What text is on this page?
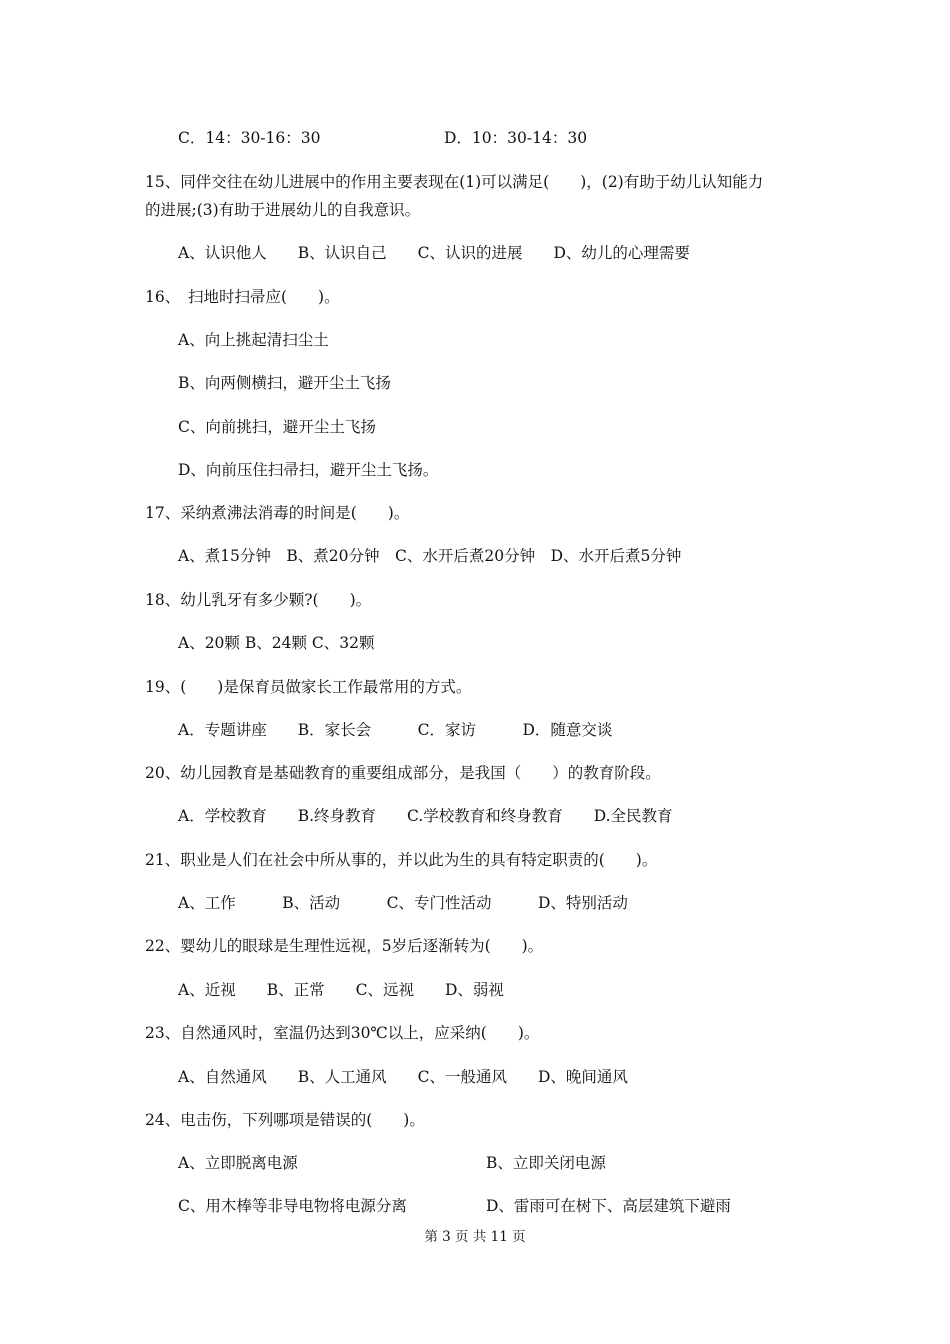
C．14：30-16：30	D．10：30-14：30
15、同伴交往在幼儿进展中的作用主要表现在(1)可以满足(　　)，(2)有助于幼儿认知能力
的进展;(3)有助于进展幼儿的自我意识。
A、认识他人　　B、认识自己　　C、认识的进展　　D、幼儿的心理需要
16、　扫地时扫帚应(　　)。
A、向上挑起清扫尘土
B、向两侧横扫，避开尘土飞扬
C、向前挑扫，避开尘土飞扬
D、向前压住扫帚扫，避开尘土飞扬。
17、采纳煮沸法消毒的时间是(　　)。
A、煮15分钟　B、煮20分钟　C、水开后煮20分钟　D、水开后煮5分钟
18、幼儿乳牙有多少颗?(　　)。
A、20颗 B、24颗 C、32颗
19、(　　)是保育员做家长工作最常用的方式。
A．专题讲座　　B．家长会　　　C．家访　　　D．随意交谈
20、幼儿园教育是基础教育的重要组成部分，是我国（　　）的教育阶段。
A．学校教育　　B.终身教育　　C.学校教育和终身教育　　D.全民教育
21、职业是人们在社会中所从事的，并以此为生的具有特定职责的(　　)。
A、工作　　　B、活动　　　C、专门性活动　　　D、特别活动
22、婴幼儿的眼球是生理性远视，5岁后逐渐转为(　　)。
A、近视　　B、正常　　C、远视　　D、弱视
23、自然通风时，室温仍达到30℃以上，应采纳(　　)。
A、自然通风　　B、人工通风　　C、一般通风　　D、晚间通风
24、电击伤，下列哪项是错误的(　　)。
A、立即脱离电源	B、立即关闭电源
C、用木棒等非导电物将电源分离	D、雷雨可在树下、高层建筑下避雨
第 3 页 共 11 页
